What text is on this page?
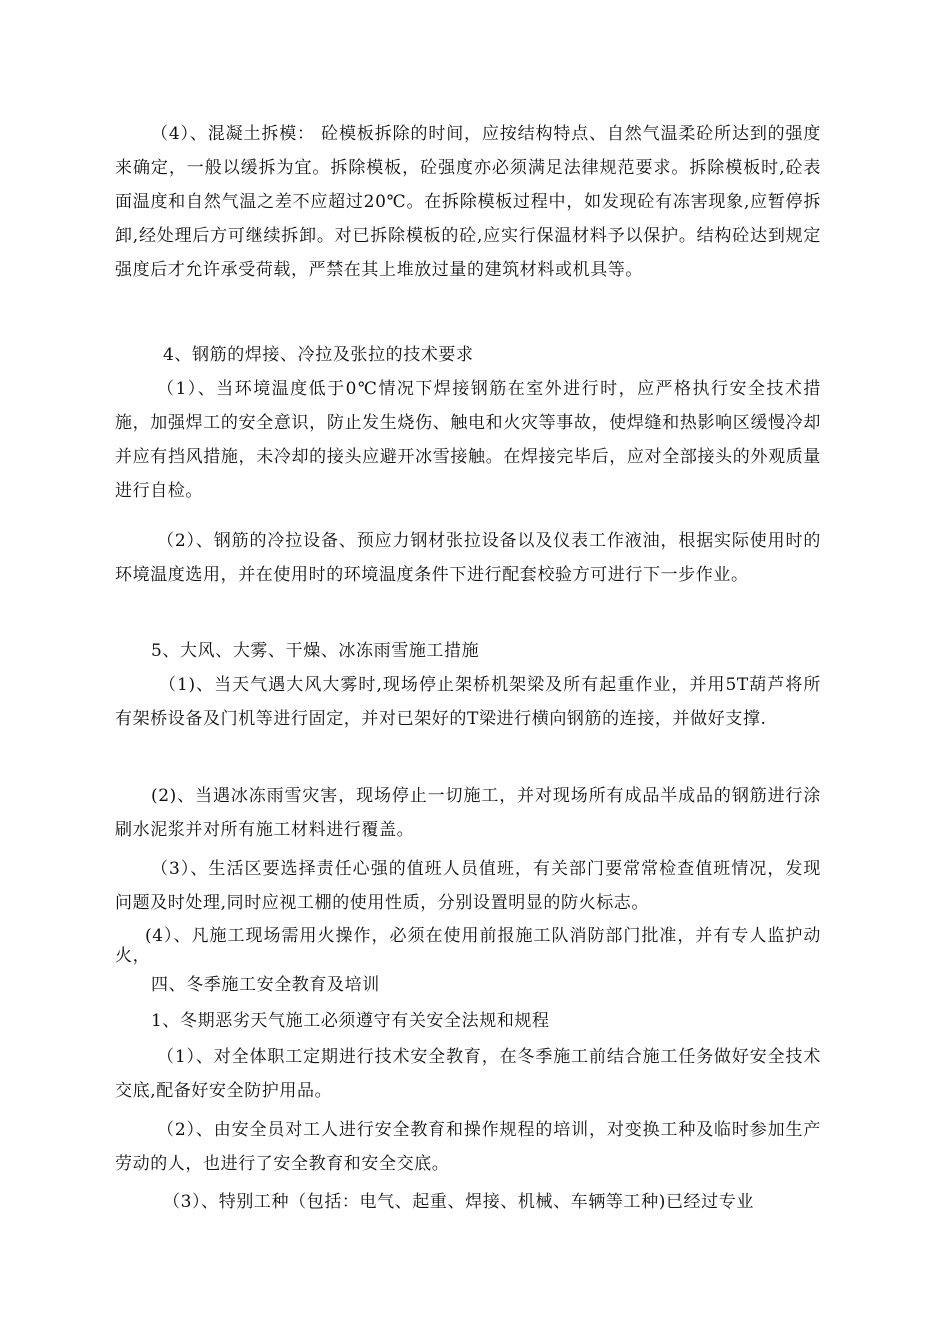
（4）、混凝土拆模： 砼模板拆除的时间，应按结构特点、自然气温柔砼所达到的强度来确定，一般以缓拆为宜。拆除模板，砼强度亦必须满足法律规范要求。拆除模板时,砼表面温度和自然气温之差不应超过20℃。在拆除模板过程中，如发现砼有冻害现象,应暂停拆卸,经处理后方可继续拆卸。对已拆除模板的砼,应实行保温材料予以保护。结构砼达到规定强度后才允许承受荷载，严禁在其上堆放过量的建筑材料或机具等。

4、钢筋的焊接、冷拉及张拉的技术要求

（1）、当环境温度低于0℃情况下焊接钢筋在室外进行时，应严格执行安全技术措施，加强焊工的安全意识，防止发生烧伤、触电和火灾等事故，使焊缝和热影响区缓慢冷却并应有挡风措施，未冷却的接头应避开冰雪接触。在焊接完毕后，应对全部接头的外观质量进行自检。

（2）、钢筋的冷拉设备、预应力钢材张拉设备以及仪表工作液油，根据实际使用时的环境温度选用，并在使用时的环境温度条件下进行配套校验方可进行下一步作业。

5、大风、大雾、干燥、冰冻雨雪施工措施

（1)、当天气遇大风大雾时,现场停止架桥机架梁及所有起重作业，并用5T葫芦将所有架桥设备及门机等进行固定，并对已架好的T梁进行横向钢筋的连接，并做好支撑.

(2)、当遇冰冻雨雪灾害，现场停止一切施工，并对现场所有成品半成品的钢筋进行涂刷水泥浆并对所有施工材料进行覆盖。

（3）、生活区要选择责任心强的值班人员值班，有关部门要常常检查值班情况，发现问题及时处理,同时应视工棚的使用性质，分别设置明显的防火标志。

(4）、凡施工现场需用火操作，必须在使用前报施工队消防部门批准，并有专人监护动火，

四、冬季施工安全教育及培训

1、冬期恶劣天气施工必须遵守有关安全法规和规程

（1）、对全体职工定期进行技术安全教育，在冬季施工前结合施工任务做好安全技术交底,配备好安全防护用品。

（2）、由安全员对工人进行安全教育和操作规程的培训，对变换工种及临时参加生产劳动的人，也进行了安全教育和安全交底。

（3）、特别工种（包括：电气、起重、焊接、机械、车辆等工种)已经过专业
